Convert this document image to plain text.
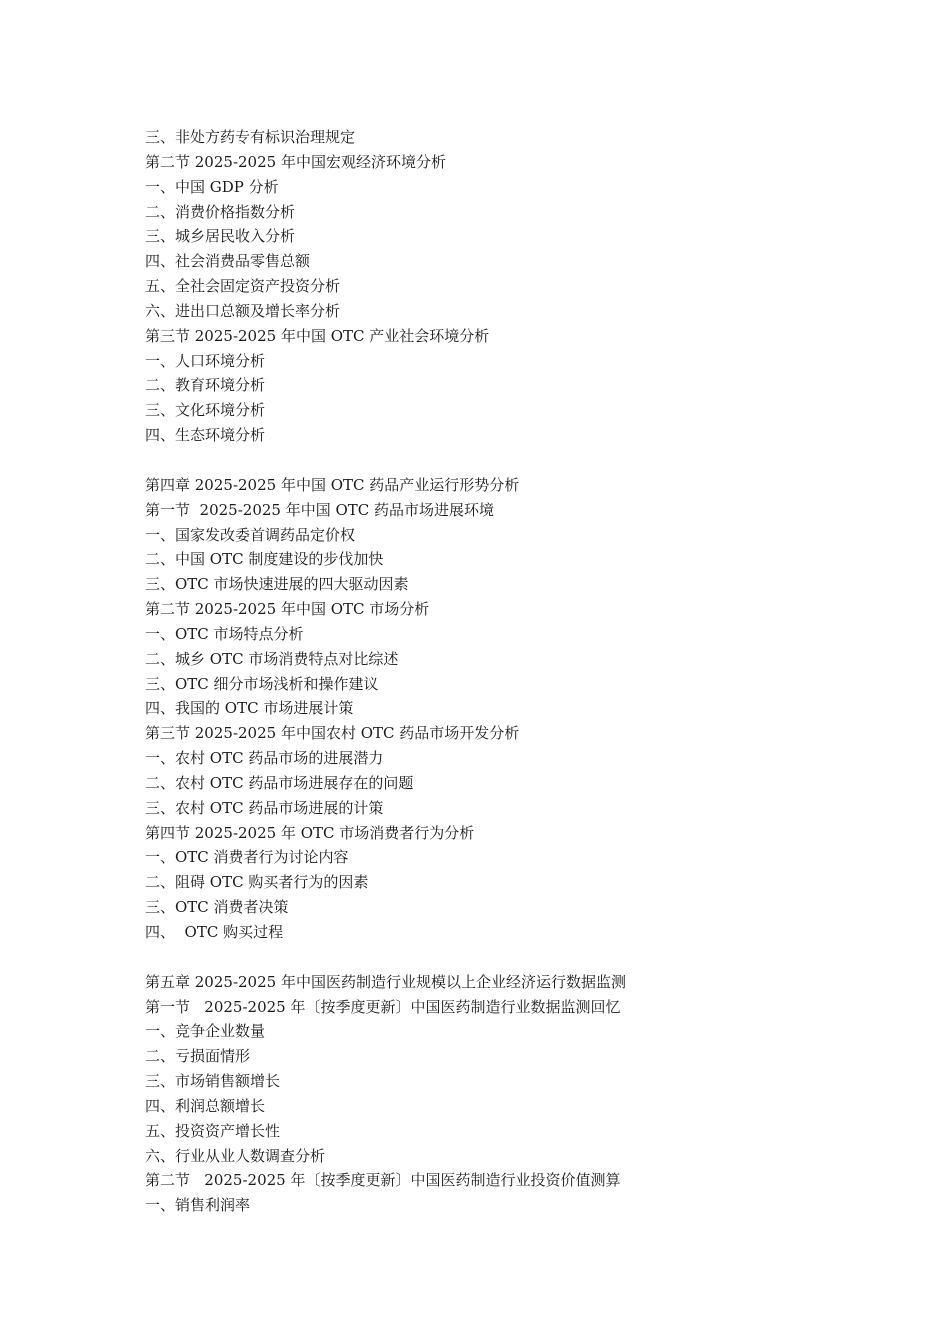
三、非处方药专有标识治理规定
第二节 2025-2025 年中国宏观经济环境分析
一、中国 GDP 分析
二、消费价格指数分析
三、城乡居民收入分析
四、社会消费品零售总额
五、全社会固定资产投资分析
六、进出口总额及增长率分析
第三节 2025-2025 年中国 OTC 产业社会环境分析
一、人口环境分析
二、教育环境分析
三、文化环境分析
四、生态环境分析
第四章 2025-2025 年中国 OTC 药品产业运行形势分析
第一节  2025-2025 年中国 OTC 药品市场进展环境
一、国家发改委首调药品定价权
二、中国 OTC 制度建设的步伐加快
三、OTC 市场快速进展的四大驱动因素
第二节 2025-2025 年中国 OTC 市场分析
一、OTC 市场特点分析
二、城乡 OTC 市场消费特点对比综述
三、OTC 细分市场浅析和操作建议
四、我国的 OTC 市场进展计策
第三节 2025-2025 年中国农村 OTC 药品市场开发分析
一、农村 OTC 药品市场的进展潜力
二、农村 OTC 药品市场进展存在的问题
三、农村 OTC 药品市场进展的计策
第四节 2025-2025 年 OTC 市场消费者行为分析
一、OTC 消费者行为讨论内容
二、阻碍 OTC 购买者行为的因素
三、OTC 消费者决策
四、  OTC 购买过程
第五章 2025-2025 年中国医药制造行业规模以上企业经济运行数据监测
第一节   2025-2025 年〔按季度更新〕中国医药制造行业数据监测回忆
一、竞争企业数量
二、亏损面情形
三、市场销售额增长
四、利润总额增长
五、投资资产增长性
六、行业从业人数调查分析
第二节   2025-2025 年〔按季度更新〕中国医药制造行业投资价值测算
一、销售利润率
